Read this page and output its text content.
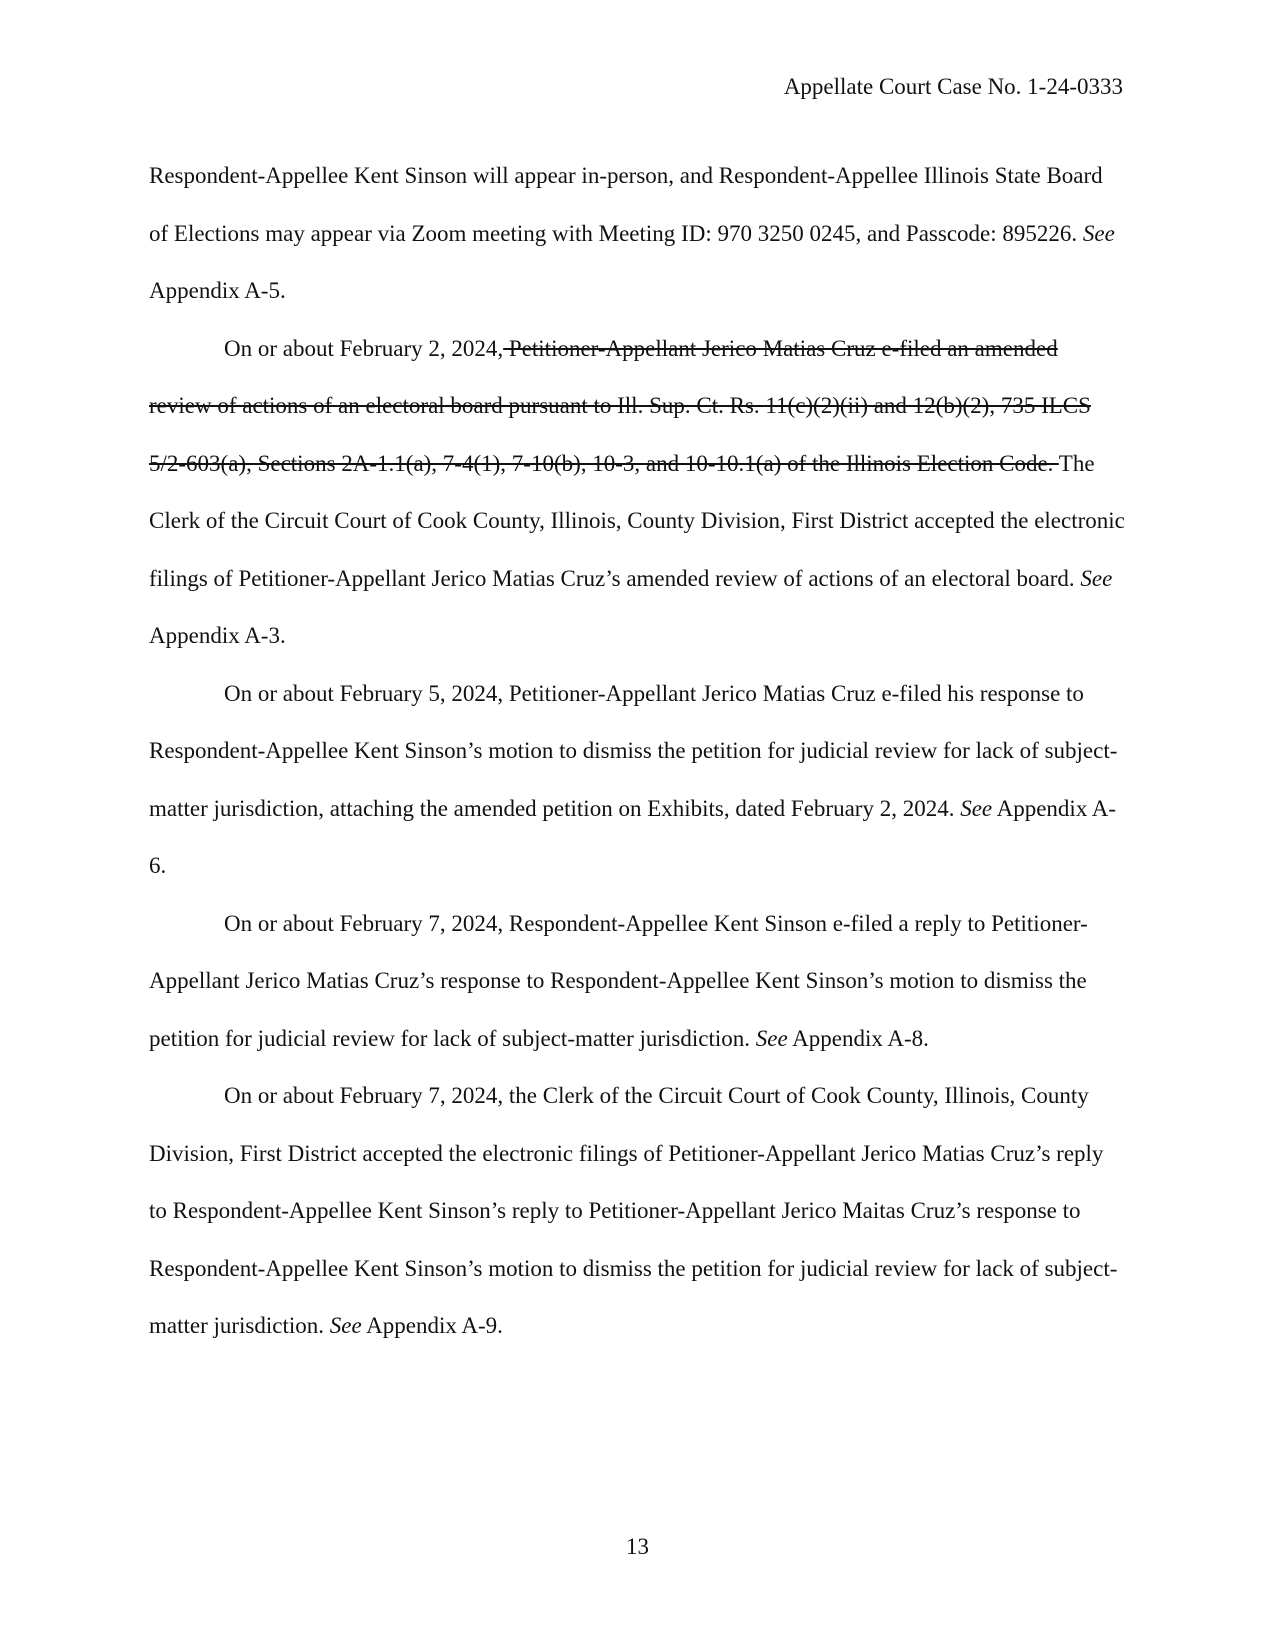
Appellate Court Case No. 1-24-0333

Respondent-Appellee Kent Sinson will appear in-person, and Respondent-Appellee Illinois State Board of Elections may appear via Zoom meeting with Meeting ID: 970 3250 0245, and Passcode: 895226. See Appendix A-5.

On or about February 2, 2024, Petitioner-Appellant Jerico Matias Cruz e-filed an amended review of actions of an electoral board pursuant to Ill. Sup. Ct. Rs. 11(c)(2)(ii) and 12(b)(2), 735 ILCS 5/2-603(a), Sections 2A-1.1(a), 7-4(1), 7-10(b), 10-3, and 10-10.1(a) of the Illinois Election Code. The Clerk of the Circuit Court of Cook County, Illinois, County Division, First District accepted the electronic filings of Petitioner-Appellant Jerico Matias Cruz’s amended review of actions of an electoral board. See Appendix A-3.

On or about February 5, 2024, Petitioner-Appellant Jerico Matias Cruz e-filed his response to Respondent-Appellee Kent Sinson’s motion to dismiss the petition for judicial review for lack of subject-matter jurisdiction, attaching the amended petition on Exhibits, dated February 2, 2024. See Appendix A-6.

On or about February 7, 2024, Respondent-Appellee Kent Sinson e-filed a reply to Petitioner-Appellant Jerico Matias Cruz’s response to Respondent-Appellee Kent Sinson’s motion to dismiss the petition for judicial review for lack of subject-matter jurisdiction. See Appendix A-8.

On or about February 7, 2024, the Clerk of the Circuit Court of Cook County, Illinois, County Division, First District accepted the electronic filings of Petitioner-Appellant Jerico Matias Cruz’s reply to Respondent-Appellee Kent Sinson’s reply to Petitioner-Appellant Jerico Maitas Cruz’s response to Respondent-Appellee Kent Sinson’s motion to dismiss the petition for judicial review for lack of subject-matter jurisdiction. See Appendix A-9.

13
